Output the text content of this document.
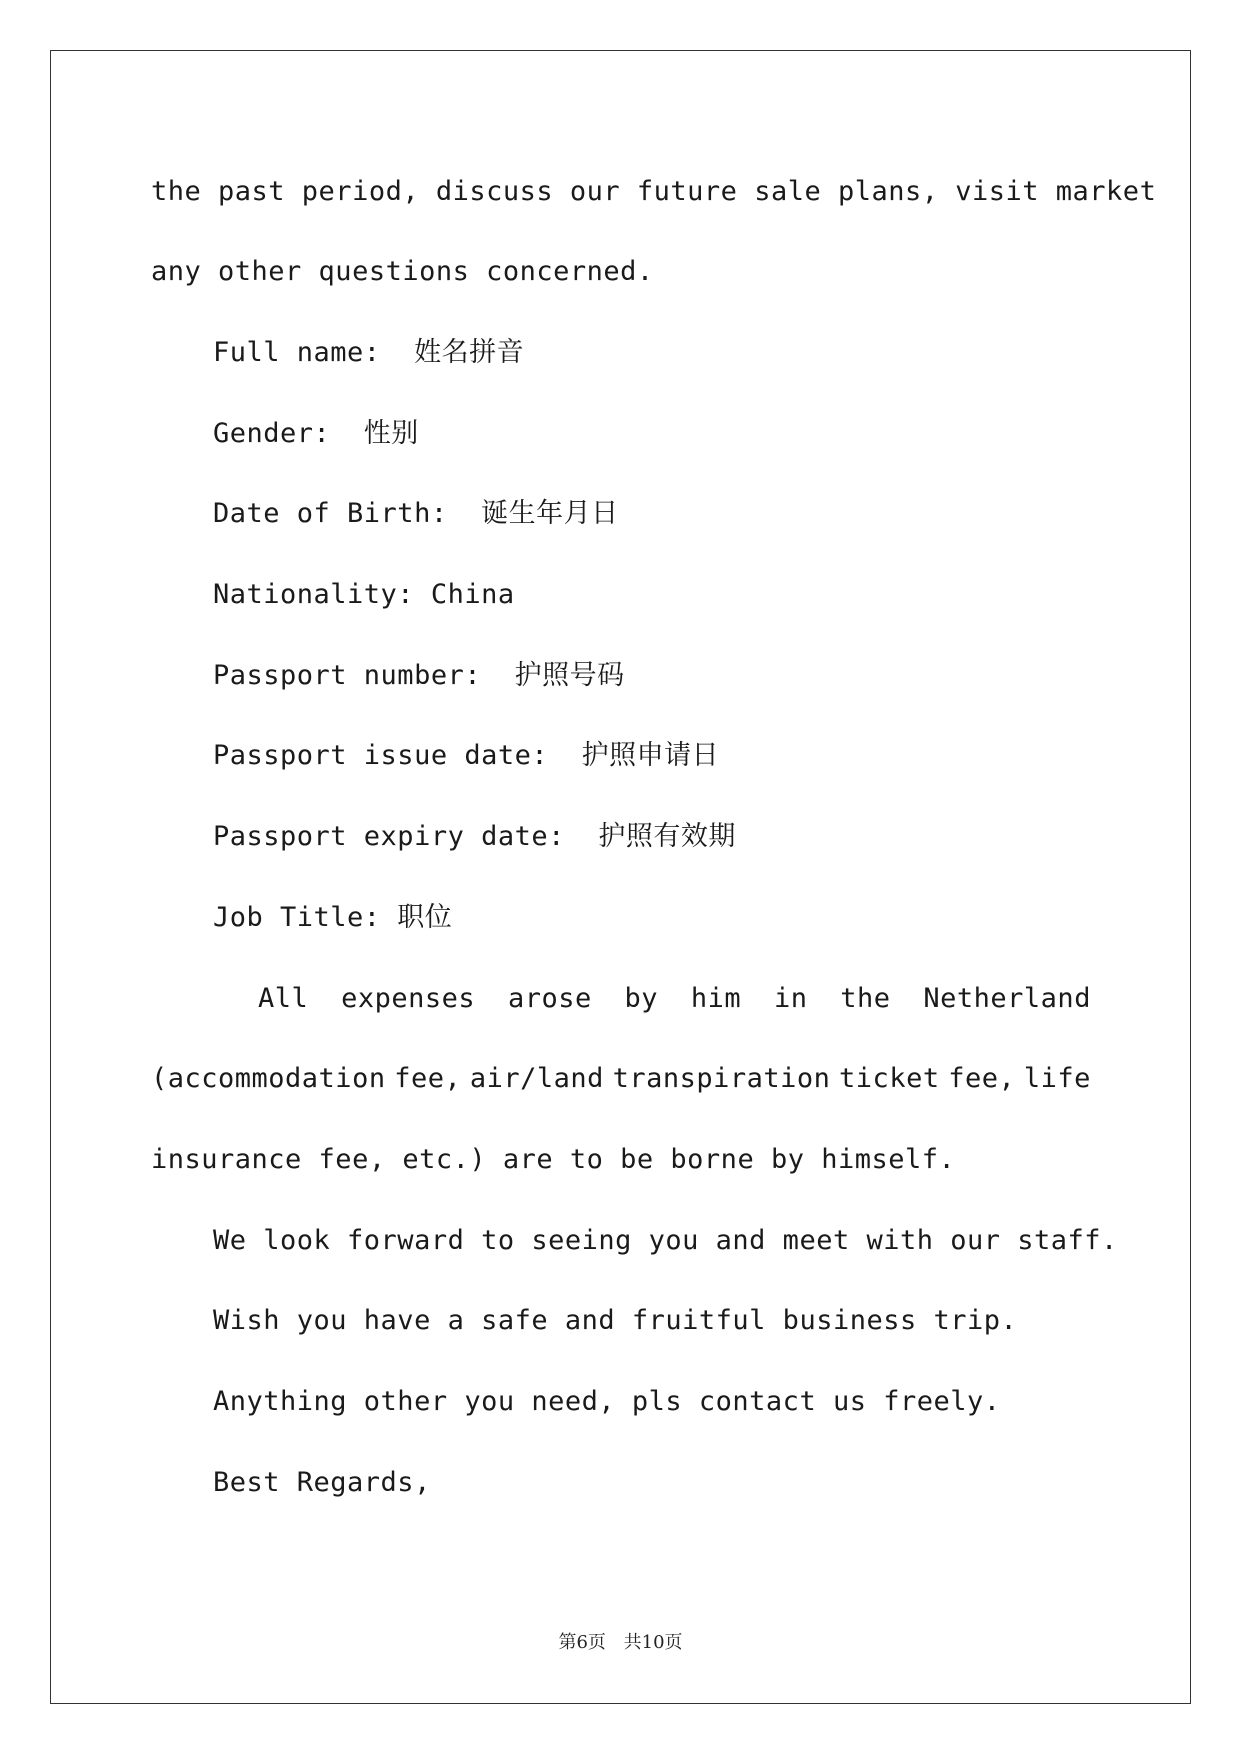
the past period, discuss our future sale plans, visit market
any other questions concerned.
Full name:  姓名拼音
Gender:  性别
Date of Birth:  诞生年月日
Nationality: China
Passport number:  护照号码
Passport issue date:  护照申请日
Passport expiry date:  护照有效期
Job Title: 职位
All expenses arose by him in the Netherland
(accommodation fee, air/land transpiration ticket fee, life
insurance fee, etc.) are to be borne by himself.
We look forward to seeing you and meet with our staff.
Wish you have a safe and fruitful business trip.
Anything other you need, pls contact us freely.
Best Regards,
第6页 共10页
